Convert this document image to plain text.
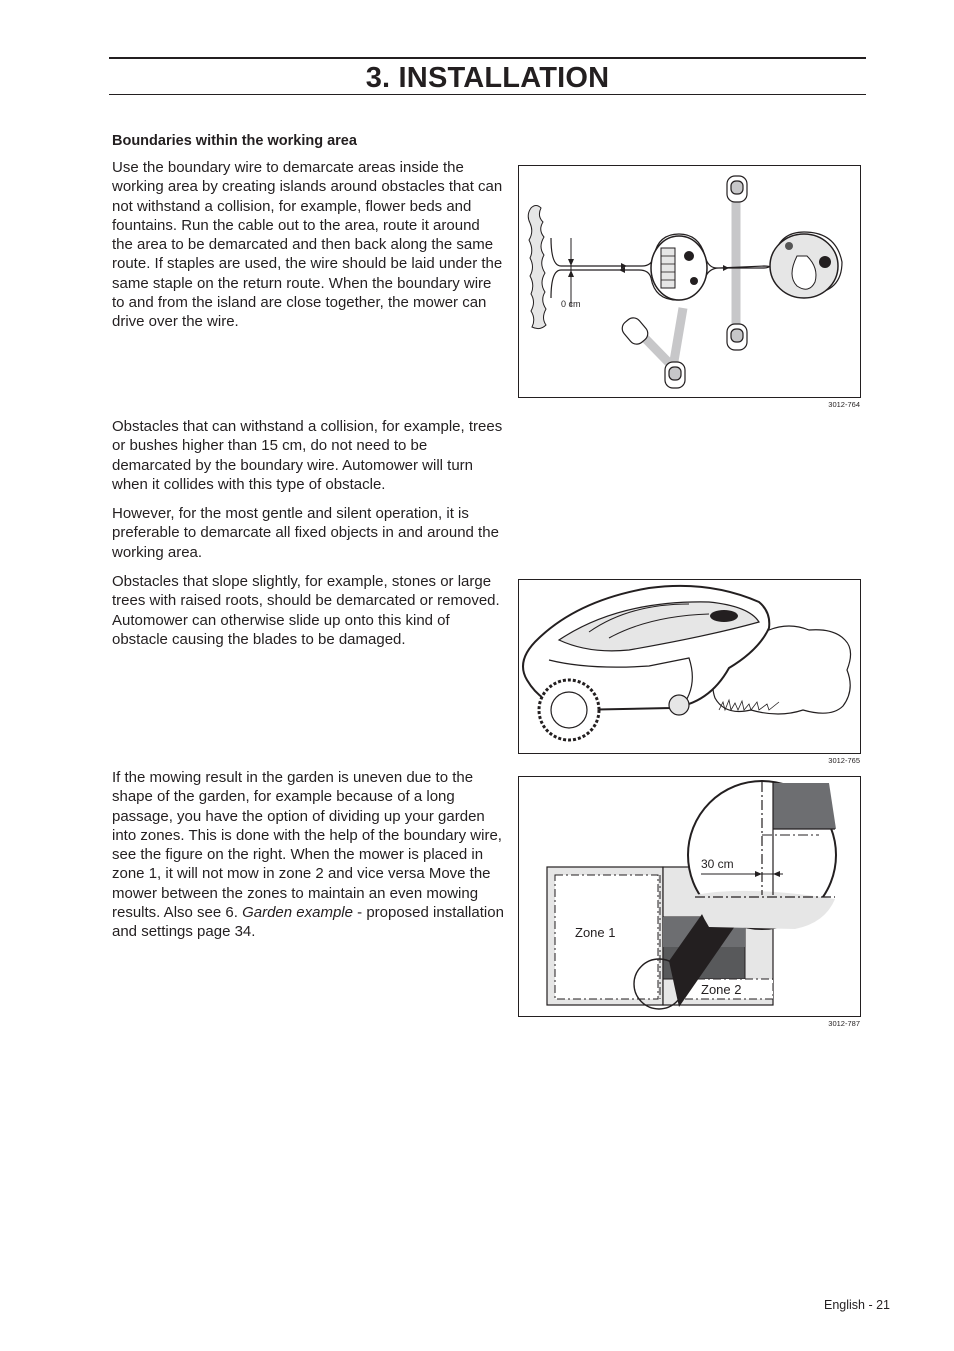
3. INSTALLATION
Boundaries within the working area

Use the boundary wire to demarcate areas inside the working area by creating islands around obstacles that can not withstand a collision, for example, flower beds and fountains. Run the cable out to the area, route it around the area to be demarcated and then back along the same route. If staples are used, the wire should be laid under the same staple on the return route. When the boundary wire to and from the island are close together, the mower can drive over the wire.

Obstacles that can withstand a collision, for example, trees or bushes higher than 15 cm, do not need to be demarcated by the boundary wire. Automower will turn when it collides with this type of obstacle.

However, for the most gentle and silent operation, it is preferable to demarcate all fixed objects in and around the working area.

Obstacles that slope slightly, for example, stones or large trees with raised roots, should be demarcated or removed. Automower can otherwise slide up onto this kind of obstacle causing the blades to be damaged.

If the mowing result in the garden is uneven due to the shape of the garden, for example because of a long passage, you have the option of dividing up your garden into zones. This is done with the help of the boundary wire, see the figure on the right. When the mower is placed in zone 1, it will not mow in zone 2 and vice versa Move the mower between the zones to maintain an even mowing results. Also see 6. Garden example - proposed installation and settings page 34.

0 cm
3012-764
3012-765
Zone 1
Zone 2
30 cm
3012-787
English - 21
